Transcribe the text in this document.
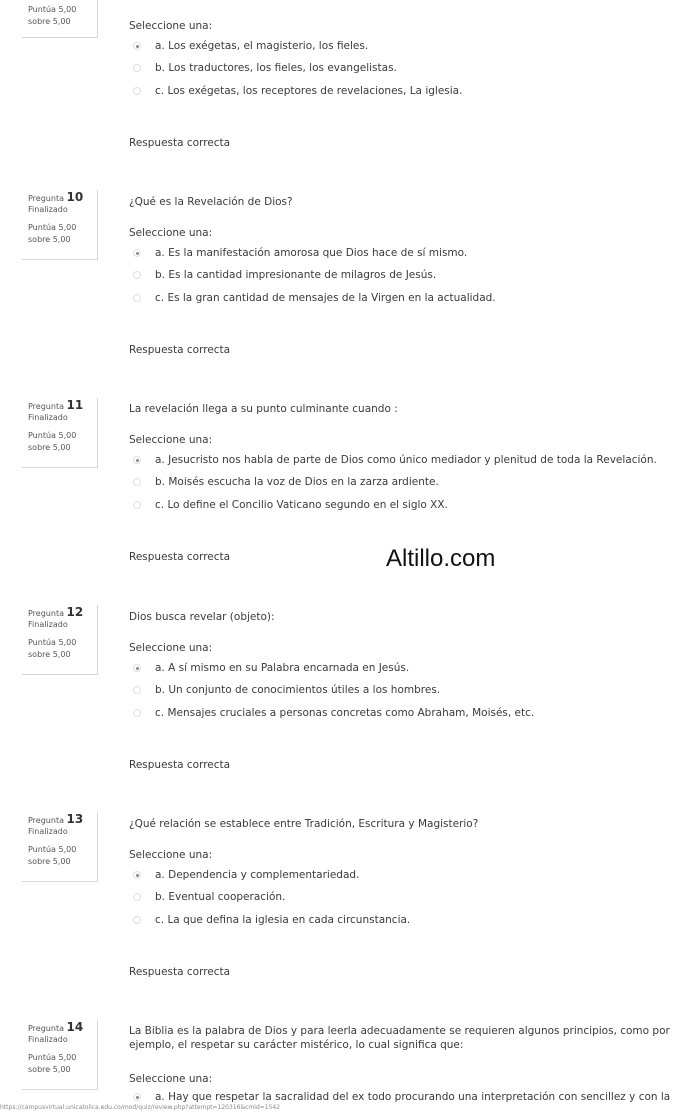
Puntúa 5,00
sobre 5,00	Seleccione una:
a. Los exégetas, el magisterio, los fieles.
b. Los traductores, los fieles, los evangelistas.
c. Los exégetas, los receptores de revelaciones, La iglesia.
Respuesta correcta
Pregunta 10
Finalizado
Puntúa 5,00
sobre 5,00
¿Qué es la Revelación de Dios?
Seleccione una:
a. Es la manifestación amorosa que Dios hace de sí mismo.
b. Es la cantidad impresionante de milagros de Jesús.
c. Es la gran cantidad de mensajes de la Virgen en la actualidad.
Respuesta correcta
Pregunta 11
Finalizado
Puntúa 5,00
sobre 5,00
La revelación llega a su punto culminante cuando :
Seleccione una:
a. Jesucristo nos habla de parte de Dios como único mediador y plenitud de toda la Revelación.
b. Moisés escucha la voz de Dios en la zarza ardiente.
c. Lo define el Concilio Vaticano segundo en el siglo XX.
Respuesta correcta	Altillo.com
Pregunta 12
Finalizado
Puntúa 5,00
sobre 5,00
Dios busca revelar (objeto):
Seleccione una:
a. A sí mismo en su Palabra encarnada en Jesús.
b. Un conjunto de conocimientos útiles a los hombres.
c. Mensajes cruciales a personas concretas como Abraham, Moisés, etc.
Respuesta correcta
Pregunta 13
Finalizado
Puntúa 5,00
sobre 5,00
¿Qué relación se establece entre Tradición, Escritura y Magisterio?
Seleccione una:
a. Dependencia y complementariedad.
b. Eventual cooperación.
c. La que defina la iglesia en cada circunstancia.
Respuesta correcta
Pregunta 14
Finalizado
Puntúa 5,00
sobre 5,00
La Biblia es la palabra de Dios y para leerla adecuadamente se requieren algunos principios, como por ejemplo, el respetar su carácter mistérico, lo cual significa que:
Seleccione una:
a. Hay que respetar la sacralidad del ex todo procurando una interpretación con sencillez y con la
https://campusvirtual.unicatolica.edu.co/mod/quiz/review.php?attempt=120316&cmid=1542
